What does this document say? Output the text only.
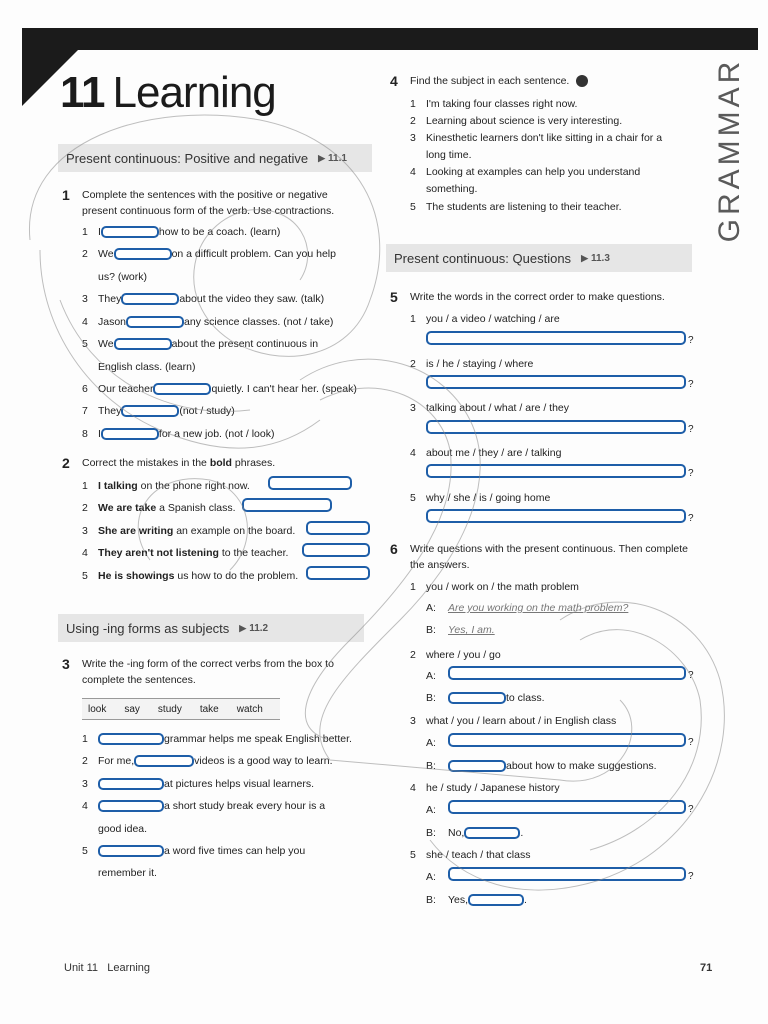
11 Learning	GRAMMAR
Present continuous: Positive and negative	▶ 11.1
1 Complete the sentences with the positive or negative present continuous form of the verb. Use contractions.
1 I	how to be a coach. (learn)
2 We	on a difficult problem. Can you help
us? (work)
3 They	about the video they saw. (talk)
4 Jason	any science classes. (not / take)
5 We	about the present continuous in
English class. (learn)
6 Our teacher	quietly. I can't hear her. (speak)
7 They	(not / study)
8 I	for a new job. (not / look)
2 Correct the mistakes in the bold phrases.
1 I talking on the phone right now.
2 We are take a Spanish class.
3 She are writing an example on the board.
4 They aren't not listening to the teacher.
5 He is showings us how to do the problem.
Using -ing forms as subjects	▶ 11.2
3 Write the -ing form of the correct verbs from the box to complete the sentences.
look say study take watch
1	grammar helps me speak English better.
2 For me,	videos is a good way to learn.
3	at pictures helps visual learners.
4	a short study break every hour is a
good idea.
5	a word five times can help you
remember it.
4 Find the subject in each sentence.
1 I'm taking four classes right now.
2 Learning about science is very interesting.
3 Kinesthetic learners don't like sitting in a chair for a
long time.
4 Looking at examples can help you understand
something.
5 The students are listening to their teacher.
Present continuous: Questions	▶ 11.3
5 Write the words in the correct order to make questions.
1 you / a video / watching / are
?
2 is / he / staying / where
?
3 talking about / what / are / they
?
4 about me / they / are / talking
?
5 why / she / is / going home
?
6 Write questions with the present continuous. Then complete the answers.
1 you / work on / the math problem
A: Are you working on the math problem?
B: Yes, I am.
2 where / you / go
A:	?
B:	to class.
3 what / you / learn about / in English class
A:	?
B:	about how to make suggestions.
4 he / study / Japanese history
A:	?
B: No,	.
5 she / teach / that class
A:	?
B: Yes,	.
Unit 11 Learning	71
